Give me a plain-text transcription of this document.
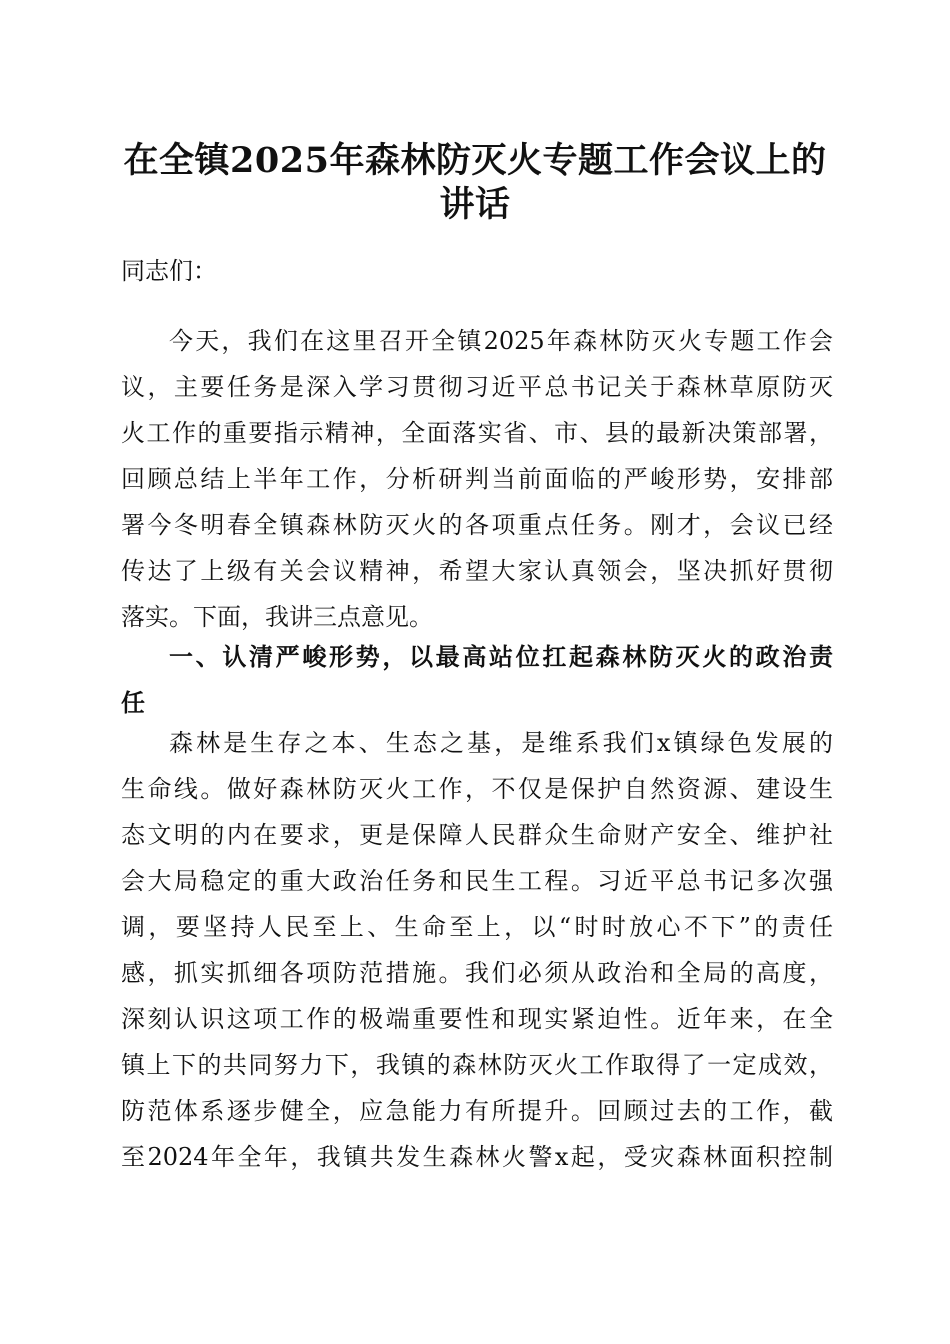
在全镇2025年森林防灭火专题工作会议上的
讲话

同志们：

今天，我们在这里召开全镇2025年森林防灭火专题工作会

议，主要任务是深入学习贯彻习近平总书记关于森林草原防灭

火工作的重要指示精神，全面落实省、市、县的最新决策部署，

回顾总结上半年工作，分析研判当前面临的严峻形势，安排部

署今冬明春全镇森林防灭火的各项重点任务。刚才，会议已经

传达了上级有关会议精神，希望大家认真领会，坚决抓好贯彻

落实。下面，我讲三点意见。

一、认清严峻形势，以最高站位扛起森林防灭火的政治责

任

森林是生存之本、生态之基，是维系我们x镇绿色发展的

生命线。做好森林防灭火工作，不仅是保护自然资源、建设生

态文明的内在要求，更是保障人民群众生命财产安全、维护社

会大局稳定的重大政治任务和民生工程。习近平总书记多次强

调，要坚持人民至上、生命至上，以“时时放心不下”的责任

感，抓实抓细各项防范措施。我们必须从政治和全局的高度，

深刻认识这项工作的极端重要性和现实紧迫性。近年来，在全

镇上下的共同努力下，我镇的森林防灭火工作取得了一定成效，

防范体系逐步健全，应急能力有所提升。回顾过去的工作，截

至2024年全年，我镇共发生森林火警x起，受灾森林面积控制
